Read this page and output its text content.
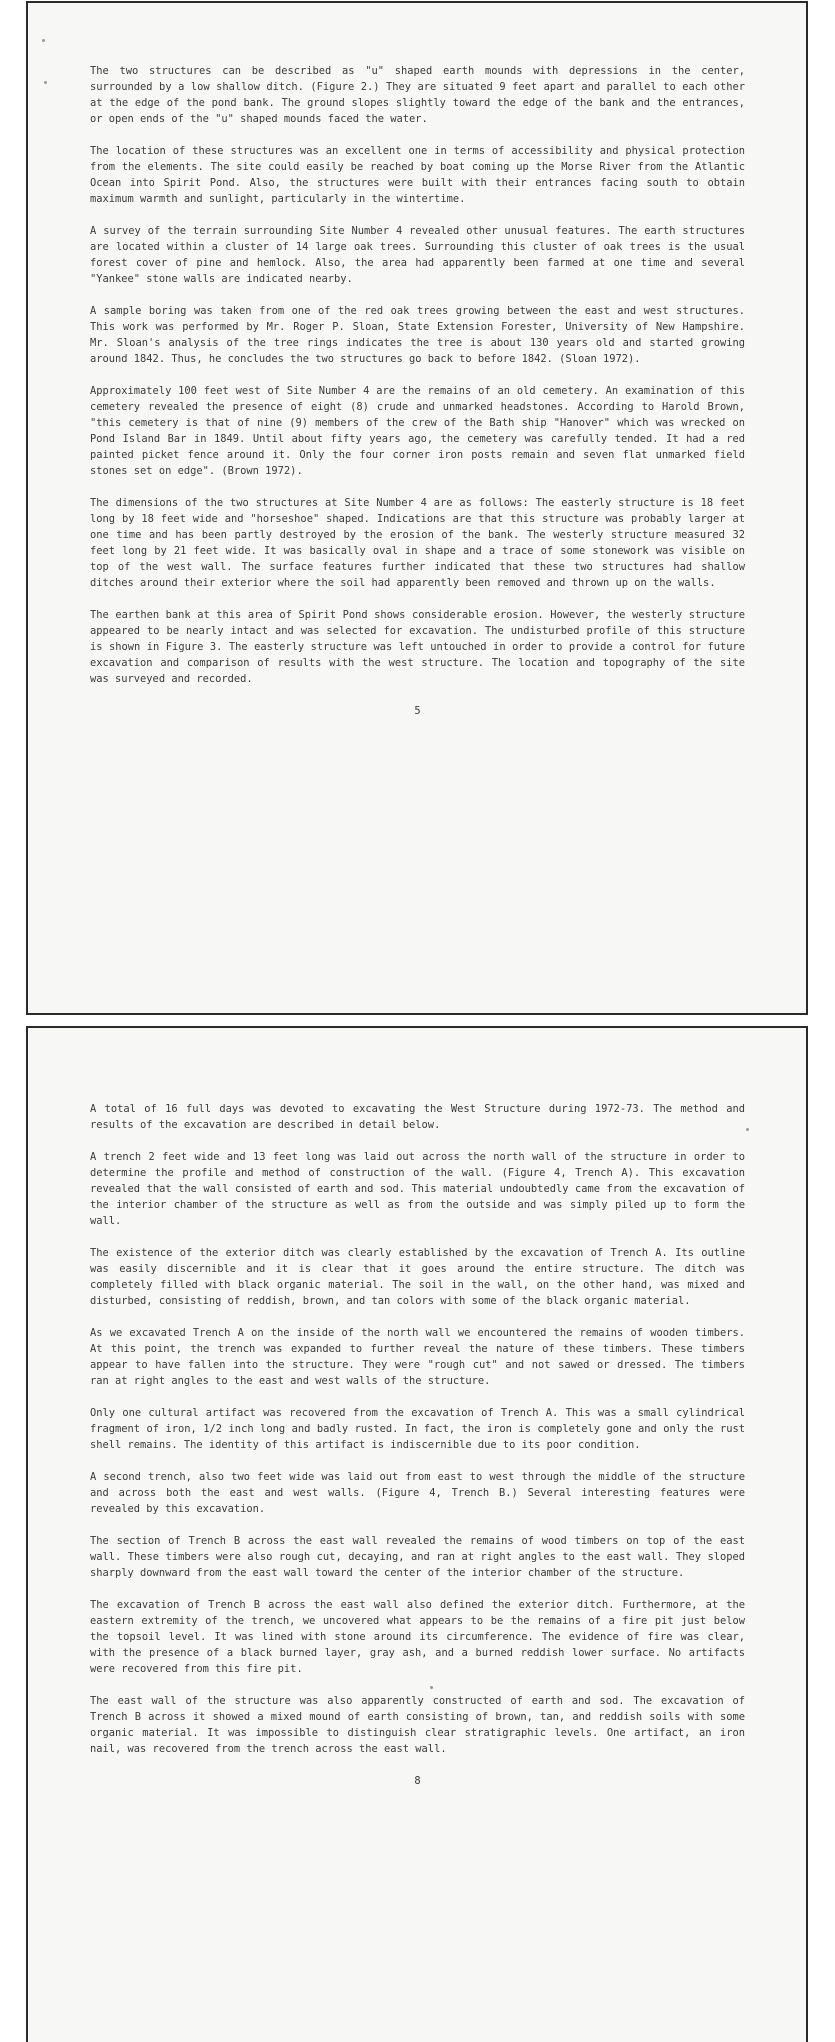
The two structures can be described as "u" shaped earth mounds with depressions in the center, surrounded by a low shallow ditch. (Figure 2.) They are situated 9 feet apart and parallel to each other at the edge of the pond bank. The ground slopes slightly toward the edge of the bank and the entrances, or open ends of the "u" shaped mounds faced the water.

The location of these structures was an excellent one in terms of accessibility and physical protection from the elements. The site could easily be reached by boat coming up the Morse River from the Atlantic Ocean into Spirit Pond. Also, the structures were built with their entrances facing south to obtain maximum warmth and sunlight, particularly in the wintertime.

A survey of the terrain surrounding Site Number 4 revealed other unusual features. The earth structures are located within a cluster of 14 large oak trees. Surrounding this cluster of oak trees is the usual forest cover of pine and hemlock. Also, the area had apparently been farmed at one time and several "Yankee" stone walls are indicated nearby.

A sample boring was taken from one of the red oak trees growing between the east and west structures. This work was performed by Mr. Roger P. Sloan, State Extension Forester, University of New Hampshire. Mr. Sloan's analysis of the tree rings indicates the tree is about 130 years old and started growing around 1842. Thus, he concludes the two structures go back to before 1842. (Sloan 1972).

Approximately 100 feet west of Site Number 4 are the remains of an old cemetery. An examination of this cemetery revealed the presence of eight (8) crude and unmarked headstones. According to Harold Brown, "this cemetery is that of nine (9) members of the crew of the Bath ship "Hanover" which was wrecked on Pond Island Bar in 1849. Until about fifty years ago, the cemetery was carefully tended. It had a red painted picket fence around it. Only the four corner iron posts remain and seven flat unmarked field stones set on edge". (Brown 1972).

The dimensions of the two structures at Site Number 4 are as follows: The easterly structure is 18 feet long by 18 feet wide and "horseshoe" shaped. Indications are that this structure was probably larger at one time and has been partly destroyed by the erosion of the bank. The westerly structure measured 32 feet long by 21 feet wide. It was basically oval in shape and a trace of some stonework was visible on top of the west wall. The surface features further indicated that these two structures had shallow ditches around their exterior where the soil had apparently been removed and thrown up on the walls.

The earthen bank at this area of Spirit Pond shows considerable erosion. However, the westerly structure appeared to be nearly intact and was selected for excavation. The undisturbed profile of this structure is shown in Figure 3. The easterly structure was left untouched in order to provide a control for future excavation and comparison of results with the west structure. The location and topography of the site was surveyed and recorded.

5

A total of 16 full days was devoted to excavating the West Structure during 1972-73. The method and results of the excavation are described in detail below.

A trench 2 feet wide and 13 feet long was laid out across the north wall of the structure in order to determine the profile and method of construction of the wall. (Figure 4, Trench A). This excavation revealed that the wall consisted of earth and sod. This material undoubtedly came from the excavation of the interior chamber of the structure as well as from the outside and was simply piled up to form the wall.

The existence of the exterior ditch was clearly established by the excavation of Trench A. Its outline was easily discernible and it is clear that it goes around the entire structure. The ditch was completely filled with black organic material. The soil in the wall, on the other hand, was mixed and disturbed, consisting of reddish, brown, and tan colors with some of the black organic material.

As we excavated Trench A on the inside of the north wall we encountered the remains of wooden timbers. At this point, the trench was expanded to further reveal the nature of these timbers. These timbers appear to have fallen into the structure. They were "rough cut" and not sawed or dressed. The timbers ran at right angles to the east and west walls of the structure.

Only one cultural artifact was recovered from the excavation of Trench A. This was a small cylindrical fragment of iron, 1/2 inch long and badly rusted. In fact, the iron is completely gone and only the rust shell remains. The identity of this artifact is indiscernible due to its poor condition.

A second trench, also two feet wide was laid out from east to west through the middle of the structure and across both the east and west walls. (Figure 4, Trench B.) Several interesting features were revealed by this excavation.

The section of Trench B across the east wall revealed the remains of wood timbers on top of the east wall. These timbers were also rough cut, decaying, and ran at right angles to the east wall. They sloped sharply downward from the east wall toward the center of the interior chamber of the structure.

The excavation of Trench B across the east wall also defined the exterior ditch. Furthermore, at the eastern extremity of the trench, we uncovered what appears to be the remains of a fire pit just below the topsoil level. It was lined with stone around its circumference. The evidence of fire was clear, with the presence of a black burned layer, gray ash, and a burned reddish lower surface. No artifacts were recovered from this fire pit.

The east wall of the structure was also apparently constructed of earth and sod. The excavation of Trench B across it showed a mixed mound of earth consisting of brown, tan, and reddish soils with some organic material. It was impossible to distinguish clear stratigraphic levels. One artifact, an iron nail, was recovered from the trench across the east wall.

8
